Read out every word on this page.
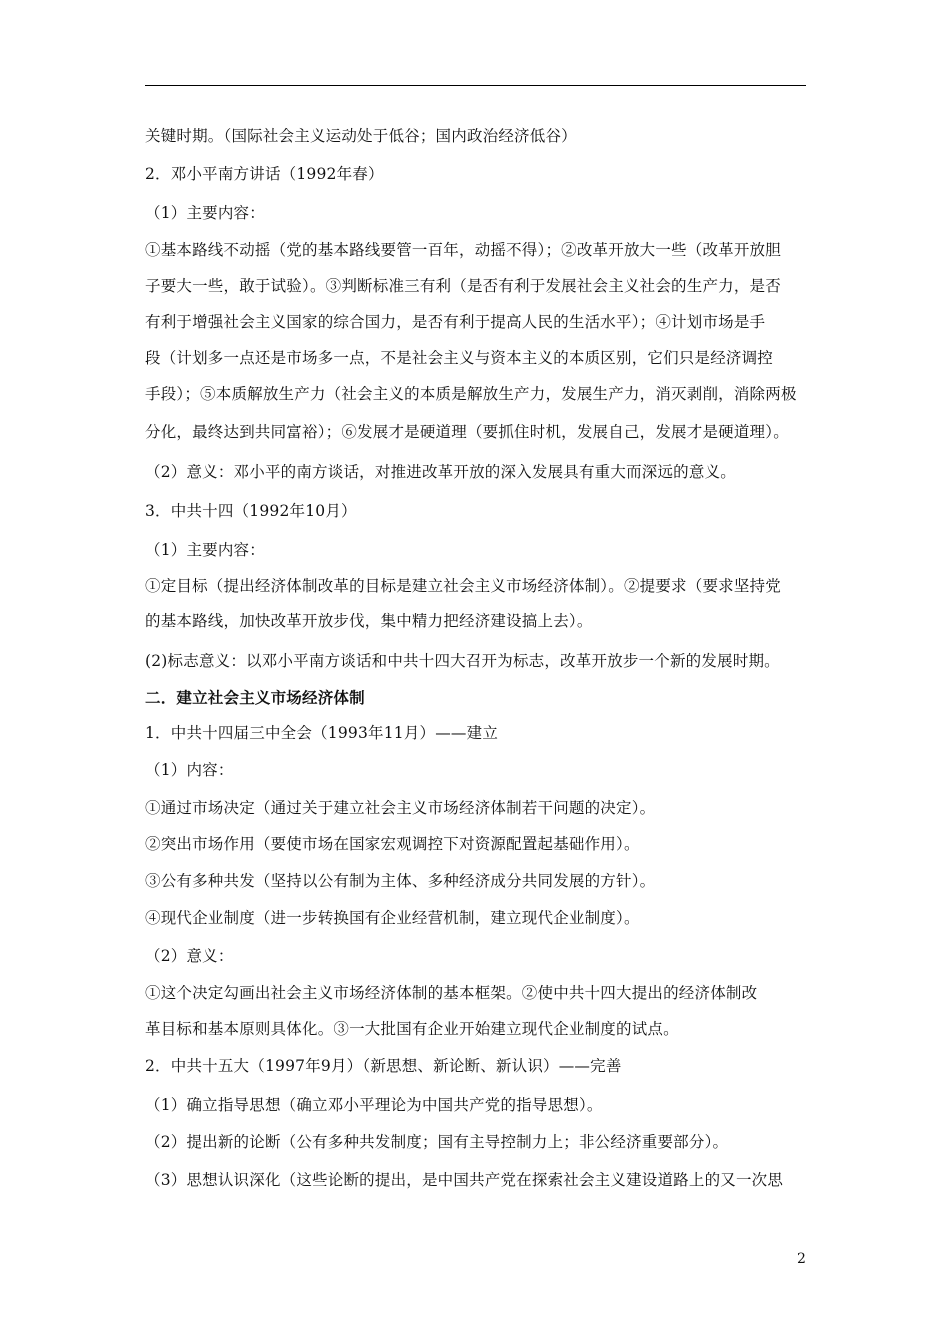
关键时期。（国际社会主义运动处于低谷；国内政治经济低谷）
2．邓小平南方讲话（1992年春）
（1）主要内容：
①基本路线不动摇（党的基本路线要管一百年，动摇不得）；②改革开放大一些（改革开放胆
子要大一些，敢于试验）。③判断标准三有利（是否有利于发展社会主义社会的生产力，是否
有利于增强社会主义国家的综合国力，是否有利于提高人民的生活水平）；④计划市场是手
段（计划多一点还是市场多一点，不是社会主义与资本主义的本质区别，它们只是经济调控
手段）；⑤本质解放生产力（社会主义的本质是解放生产力，发展生产力，消灭剥削，消除两极
分化，最终达到共同富裕）；⑥发展才是硬道理（要抓住时机，发展自己，发展才是硬道理）。
（2）意义：邓小平的南方谈话，对推进改革开放的深入发展具有重大而深远的意义。
3．中共十四（1992年10月）
（1）主要内容：
①定目标（提出经济体制改革的目标是建立社会主义市场经济体制）。②提要求（要求坚持党
的基本路线，加快改革开放步伐，集中精力把经济建设搞上去）。
(2)标志意义：以邓小平南方谈话和中共十四大召开为标志，改革开放步一个新的发展时期。
二．建立社会主义市场经济体制
1．中共十四届三中全会（1993年11月）——建立
（1）内容：
①通过市场决定（通过关于建立社会主义市场经济体制若干问题的决定）。
②突出市场作用（要使市场在国家宏观调控下对资源配置起基础作用）。
③公有多种共发（坚持以公有制为主体、多种经济成分共同发展的方针）。
④现代企业制度（进一步转换国有企业经营机制，建立现代企业制度）。
（2）意义：
①这个决定勾画出社会主义市场经济体制的基本框架。②使中共十四大提出的经济体制改
革目标和基本原则具体化。③一大批国有企业开始建立现代企业制度的试点。
2．中共十五大（1997年9月）（新思想、新论断、新认识）——完善
（1）确立指导思想（确立邓小平理论为中国共产党的指导思想）。
（2）提出新的论断（公有多种共发制度；国有主导控制力上；非公经济重要部分）。
（3）思想认识深化（这些论断的提出，是中国共产党在探索社会主义建设道路上的又一次思
2
